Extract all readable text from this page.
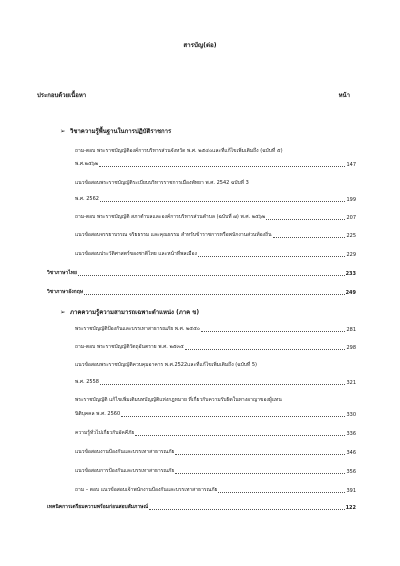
สารบัญ(ต่อ)
ประกอบด้วยเนื้อหา	หน้า
➢ วิชาความรู้พื้นฐานในการปฏิบัติราชการ
ถาม-ตอบ พระราชบัญญัติองค์การบริหารส่วนจังหวัด พ.ศ. ๒๕๔๐และที่แก้ไขเพิ่มเติมถึง (ฉบับที่ ๕)
พ.ศ.๒๕๖๒	147
แนวข้อสอบพระราชบัญญัติระเบียบบริหารราชการเมืองพัทยา พ.ศ. 2542 ฉบับที่ 3
พ.ศ. 2562	199
ถาม-ตอบ พระราชบัญญัติ สภาตำบลและองค์การบริหารส่วนตำบล (ฉบับที่ ๗) พ.ศ. ๒๕๖๒	207
แนวข้อสอบจรรยาบรรณ จริยธรรม และคุณธรรม สำหรับข้าราชการหรือพนักงานส่วนท้องถิ่น	225
แนวข้อสอบประวัติศาสตร์ของชาติไทย และหน้าที่พลเมือง	229
วิชาภาษาไทย	233
วิชาภาษาอังกฤษ	249
➢ ภาคความรู้ความสามารถเฉพาะตำแหน่ง (ภาค ข)
พระราชบัญญัติป้องกันและบรรเทาสาธารณภัย พ.ศ. ๒๕๕๐	281
ถาม-ตอบ พระราชบัญญัติวัตถุอันตราย พ.ศ. ๒๕๓๕	298
แนวข้อสอบพระราชบัญญัติควบคุมอาคาร พ.ศ.2522และที่แก้ไขเพิ่มเติมถึง (ฉบับที่ 5)
พ.ศ. 2558	321
พระราชบัญญัติ แก้ไขเพิ่มเติมบทบัญญัติแห่งกฎหมาย ที่เกี่ยวกับความรับผิดในทางอาญาของผู้แทน
นิติบุคคล พ.ศ. 2560	330
ความรู้ทั่วไปเกี่ยวกับอัคคีภัย	336
แนวข้อสอบงานป้องกันและบรรเทาสาธารณภัย	346
แนวข้อสอบการป้องกันและบรรเทาสาธารณภัย	356
ถาม – ตอบ แนวข้อสอบเจ้าพนักงานป้องกันและบรรเทาสาธารณภัย	391
เทคนิคการเตรียมความพร้อมก่อนสอบสัมภาษณ์	122
